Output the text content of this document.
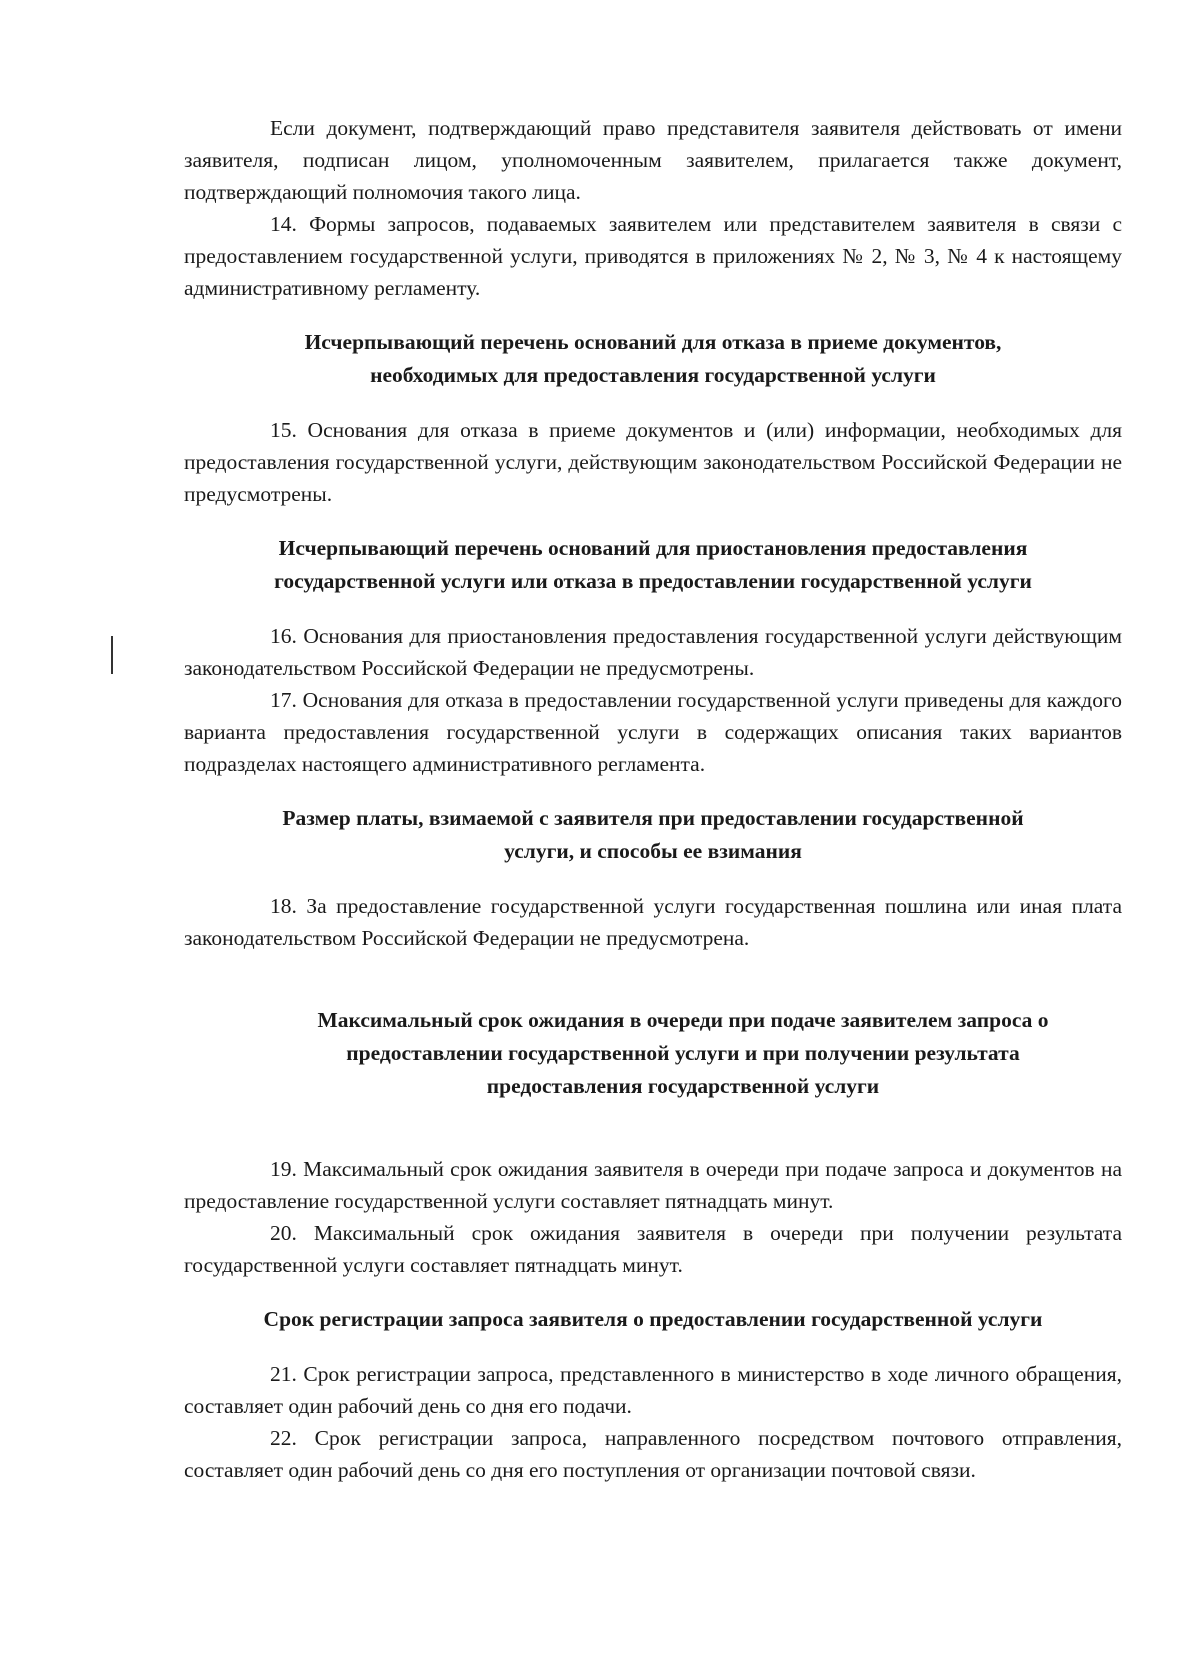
Если документ, подтверждающий право представителя заявителя действовать от имени заявителя, подписан лицом, уполномоченным заявителем, прилагается также документ, подтверждающий полномочия такого лица.

14. Формы запросов, подаваемых заявителем или представителем заявителя в связи с предоставлением государственной услуги, приводятся в приложениях № 2, № 3, № 4 к настоящему административному регламенту.

Исчерпывающий перечень оснований для отказа в приеме документов,

необходимых для предоставления государственной услуги

15. Основания для отказа в приеме документов и (или) информации, необходимых для предоставления государственной услуги, действующим законодательством Российской Федерации не предусмотрены.

Исчерпывающий перечень оснований для приостановления предоставления

государственной услуги или отказа в предоставлении государственной услуги

16. Основания для приостановления предоставления государственной услуги действующим законодательством Российской Федерации не предусмотрены.

17. Основания для отказа в предоставлении государственной услуги приведены для каждого варианта предоставления государственной услуги в содержащих описания таких вариантов подразделах настоящего административного регламента.

Размер платы, взимаемой с заявителя при предоставлении государственной

услуги, и способы ее взимания

18. За предоставление государственной услуги государственная пошлина или иная плата законодательством Российской Федерации не предусмотрена.

Максимальный срок ожидания в очереди при подаче заявителем запроса о

предоставлении государственной услуги и при получении результата

предоставления государственной услуги

19. Максимальный срок ожидания заявителя в очереди при подаче запроса и документов на предоставление государственной услуги составляет пятнадцать минут.

20. Максимальный срок ожидания заявителя в очереди при получении результата государственной услуги составляет пятнадцать минут.

Срок регистрации запроса заявителя о предоставлении государственной услуги

21. Срок регистрации запроса, представленного в министерство в ходе личного обращения, составляет один рабочий день со дня его подачи.

22. Срок регистрации запроса, направленного посредством почтового отправления, составляет один рабочий день со дня его поступления от организации почтовой связи.
